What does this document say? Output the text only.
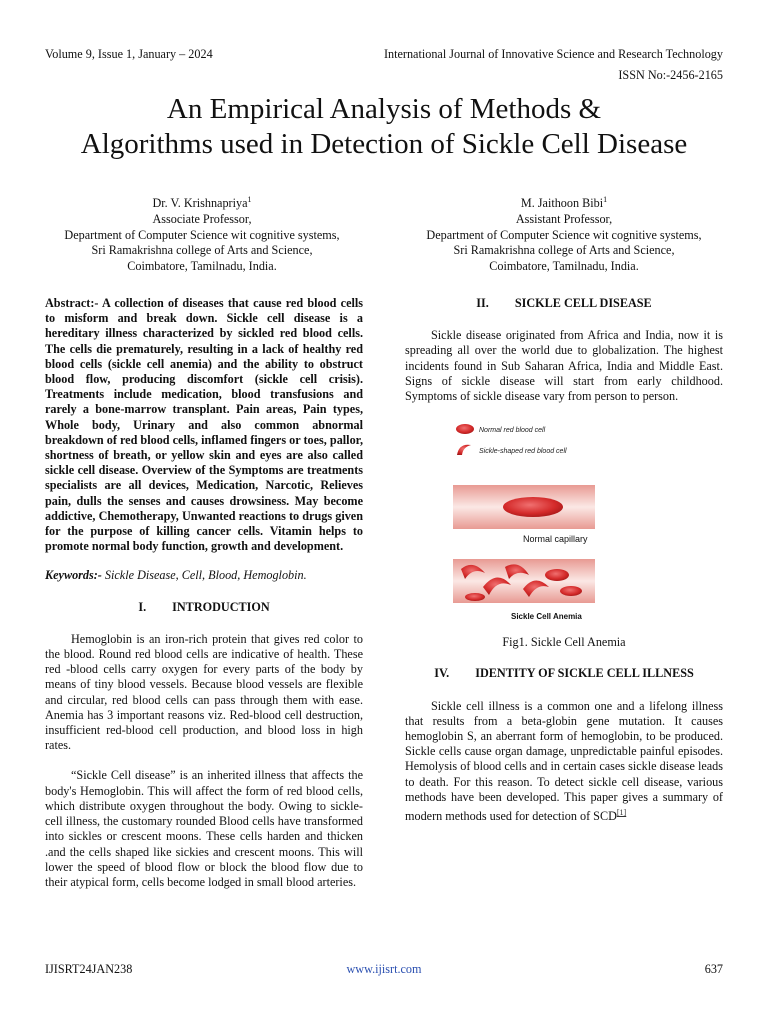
Volume 9, Issue 1, January – 2024	International Journal of Innovative Science and Research Technology
ISSN No:-2456-2165
An Empirical Analysis of Methods &
Algorithms used in Detection of Sickle Cell Disease
Dr. V. Krishnapriya$^1$
Associate Professor,
Department of Computer Science wit cognitive systems,
Sri Ramakrishna college of Arts and Science,
Coimbatore, Tamilnadu, India.
M. Jaithoon Bibi$^1$
Assistant Professor,
Department of Computer Science wit cognitive systems,
Sri Ramakrishna college of Arts and Science,
Coimbatore, Tamilnadu, India.
Abstract:- A collection of diseases that cause red blood cells to misform and break down. Sickle cell disease is a hereditary illness characterized by sickled red blood cells. The cells die prematurely, resulting in a lack of healthy red blood cells (sickle cell anemia) and the ability to obstruct blood flow, producing discomfort (sickle cell crisis). Treatments include medication, blood transfusions and rarely a bone-marrow transplant. Pain areas, Pain types, Whole body, Urinary and also common abnormal breakdown of red blood cells, inflamed fingers or toes, pallor, shortness of breath, or yellow skin and eyes are also called sickle cell disease. Overview of the Symptoms are treatments specialists are all devices, Medication, Narcotic, Relieves pain, dulls the senses and causes drowsiness. May become addictive, Chemotherapy, Unwanted reactions to drugs given for the purpose of killing cancer cells. Vitamin helps to promote normal body function, growth and development.
Keywords:- Sickle Disease, Cell, Blood, Hemoglobin.
I. INTRODUCTION

Hemoglobin is an iron-rich protein that gives red color to the blood. Round red blood cells are indicative of health. These red -blood cells carry oxygen for every parts of the body by means of tiny blood vessels. Because blood vessels are flexible and circular, red blood cells can pass through them with ease. Anemia has 3 important reasons viz. Red-blood cell destruction, insufficient red-blood cell production, and blood loss in high rates.

“Sickle Cell disease” is an inherited illness that affects the body's Hemoglobin. This will affect the form of red blood cells, which distribute oxygen throughout the body. Owing to sickle-cell illness, the customary rounded Blood cells have transformed into sickles or crescent moons. These cells harden and thicken .and the cells shaped like sickies and crescent moons. This will lower the speed of blood flow or block the blood flow due to their atypical form, cells become lodged in small blood arteries.

II. SICKLE CELL DISEASE

Sickle disease originated from Africa and India, now it is spreading all over the world due to globalization. The highest incidents found in Sub Saharan Africa, India and Middle East. Signs of sickle disease will start from early childhood. Symptoms of sickle disease vary from person to person.

Normal red blood cell
Sickle-shaped red blood cell
Normal capillary
Sickle Cell Anemia
Fig1. Sickle Cell Anemia
IV. IDENTITY OF SICKLE CELL ILLNESS

Sickle cell illness is a common one and a lifelong illness that results from a beta-globin gene mutation. It causes hemoglobin S, an aberrant form of hemoglobin, to be produced. Sickle cells cause organ damage, unpredictable painful episodes. Hemolysis of blood cells and in certain cases sickle disease leads to death. For this reason. To detect sickle cell disease, various methods have been developed. This paper gives a summary of modern methods used for detection of SCD[1]

IJISRT24JAN238	www.ijisrt.com	637
